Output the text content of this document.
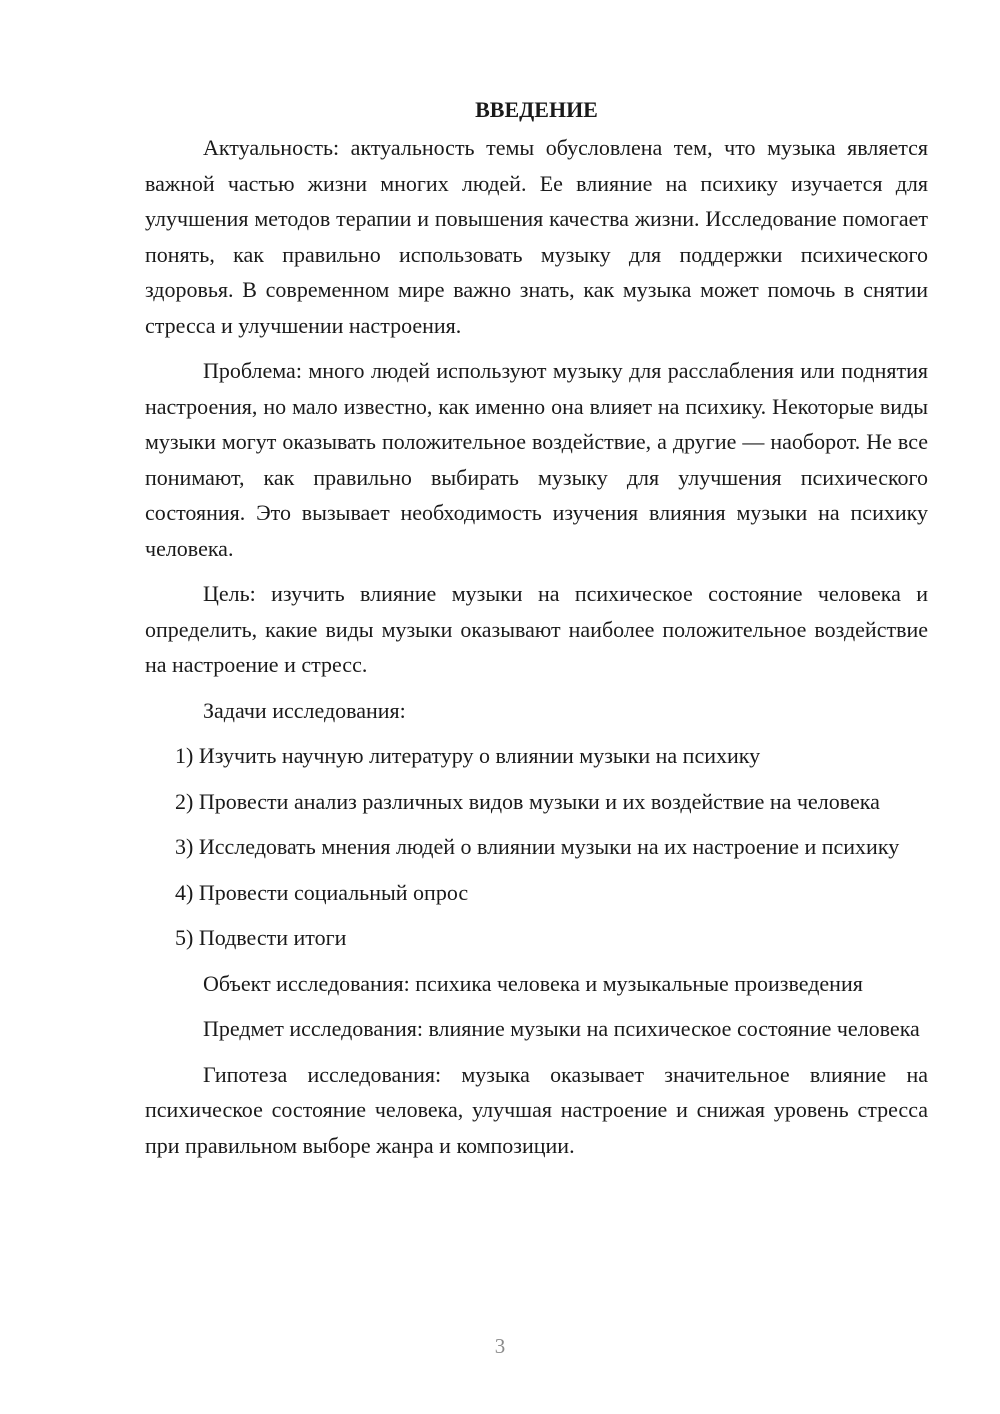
ВВЕДЕНИЕ

Актуальность: актуальность темы обусловлена тем, что музыка является важной частью жизни многих людей. Ее влияние на психику изучается для улучшения методов терапии и повышения качества жизни. Исследование помогает понять, как правильно использовать музыку для поддержки психического здоровья. В современном мире важно знать, как музыка может помочь в снятии стресса и улучшении настроения.

Проблема: много людей используют музыку для расслабления или поднятия настроения, но мало известно, как именно она влияет на психику. Некоторые виды музыки могут оказывать положительное воздействие, а другие — наоборот. Не все понимают, как правильно выбирать музыку для улучшения психического состояния. Это вызывает необходимость изучения влияния музыки на психику человека.

Цель: изучить влияние музыки на психическое состояние человека и определить, какие виды музыки оказывают наиболее положительное воздействие на настроение и стресс.

Задачи исследования:

1) Изучить научную литературу о влиянии музыки на психику

2) Провести анализ различных видов музыки и их воздействие на человека

3) Исследовать мнения людей о влиянии музыки на их настроение и психику

4) Провести социальный опрос

5) Подвести итоги

Объект исследования: психика человека и музыкальные произведения

Предмет исследования: влияние музыки на психическое состояние человека

Гипотеза исследования: музыка оказывает значительное влияние на психическое состояние человека, улучшая настроение и снижая уровень стресса при правильном выборе жанра и композиции.

3
